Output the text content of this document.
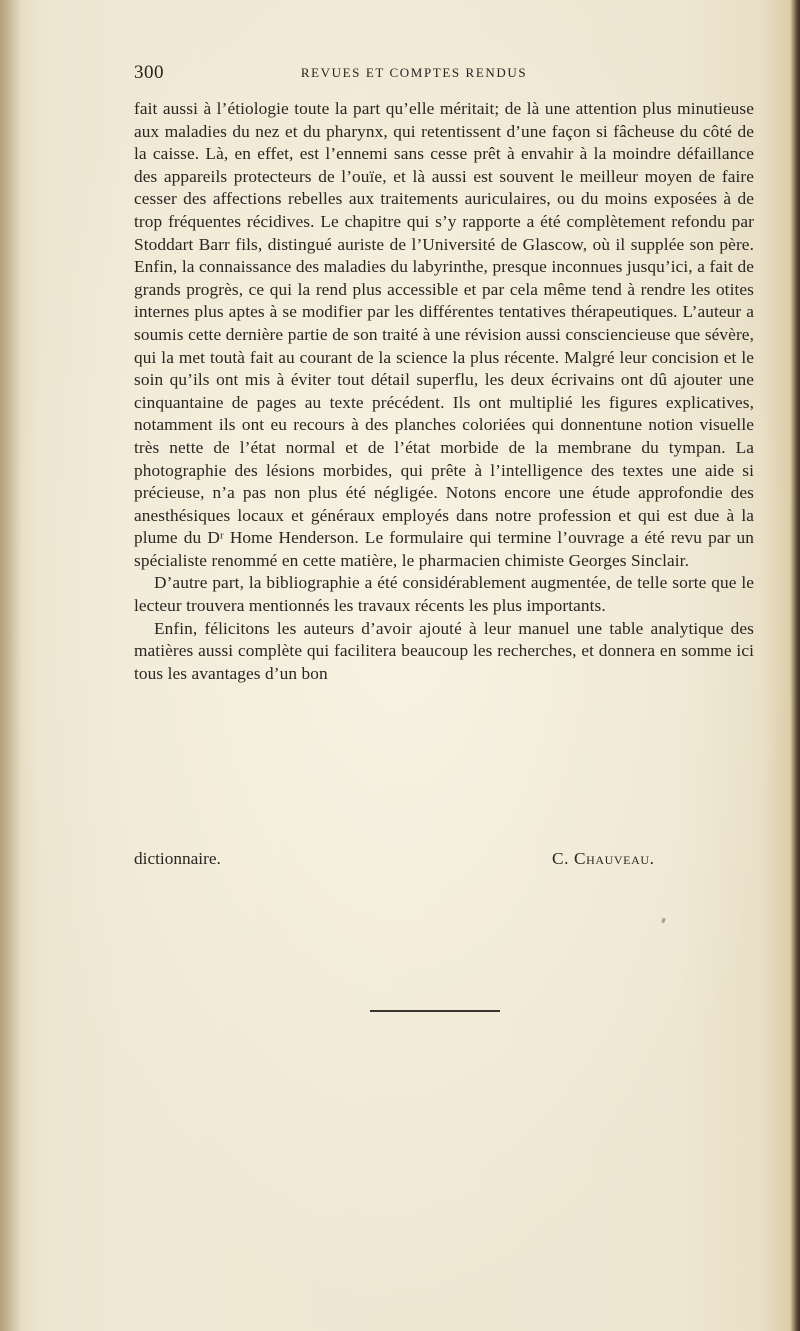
300	REVUES ET COMPTES RENDUS

fait aussi à l’étiologie toute la part qu’elle méritait; de là une attention plus minutieuse aux maladies du nez et du pharynx, qui retentissent d’une façon si fâcheuse du côté de la caisse. Là, en effet, est l’ennemi sans cesse prêt à envahir à la moindre défaillance des appareils protecteurs de l’ouïe, et là aussi est souvent le meilleur moyen de faire cesser des affections rebelles aux traitements auriculaires, ou du moins exposées à de trop fréquentes récidives. Le chapitre qui s’y rapporte a été complètement refondu par Stoddart Barr fils, distingué auriste de l’Université de Glascow, où il supplée son père. Enfin, la connaissance des maladies du labyrinthe, presque inconnues jusqu’ici, a fait de grands progrès, ce qui la rend plus accessible et par cela même tend à rendre les otites internes plus aptes à se modifier par les différentes tentatives thérapeutiques. L’auteur a soumis cette dernière partie de son traité à une révision aussi consciencieuse que sévère, qui la met toutà fait au courant de la science la plus récente. Malgré leur concision et le soin qu’ils ont mis à éviter tout détail superflu, les deux écrivains ont dû ajouter une cinquantaine de pages au texte précédent. Ils ont multiplié les figures explicatives, notamment ils ont eu recours à des planches coloriées qui donnentune notion visuelle très nette de l’état normal et de l’état morbide de la membrane du tympan. La photographie des lésions morbides, qui prête à l’intelligence des textes une aide si précieuse, n’a pas non plus été négligée. Notons encore une étude approfondie des anesthésiques locaux et généraux employés dans notre profession et qui est due à la plume du Dʳ Home Henderson. Le formulaire qui termine l’ouvrage a été revu par un spécialiste renommé en cette matière, le pharmacien chimiste Georges Sinclair.

D’autre part, la bibliographie a été considérablement augmentée, de telle sorte que le lecteur trouvera mentionnés les travaux récents les plus importants.

Enfin, félicitons les auteurs d’avoir ajouté à leur manuel une table analytique des matières aussi complète qui facilitera beaucoup les recherches, et donnera en somme ici tous les avantages d’un bon

dictionnaire.	C. Chauveau.
